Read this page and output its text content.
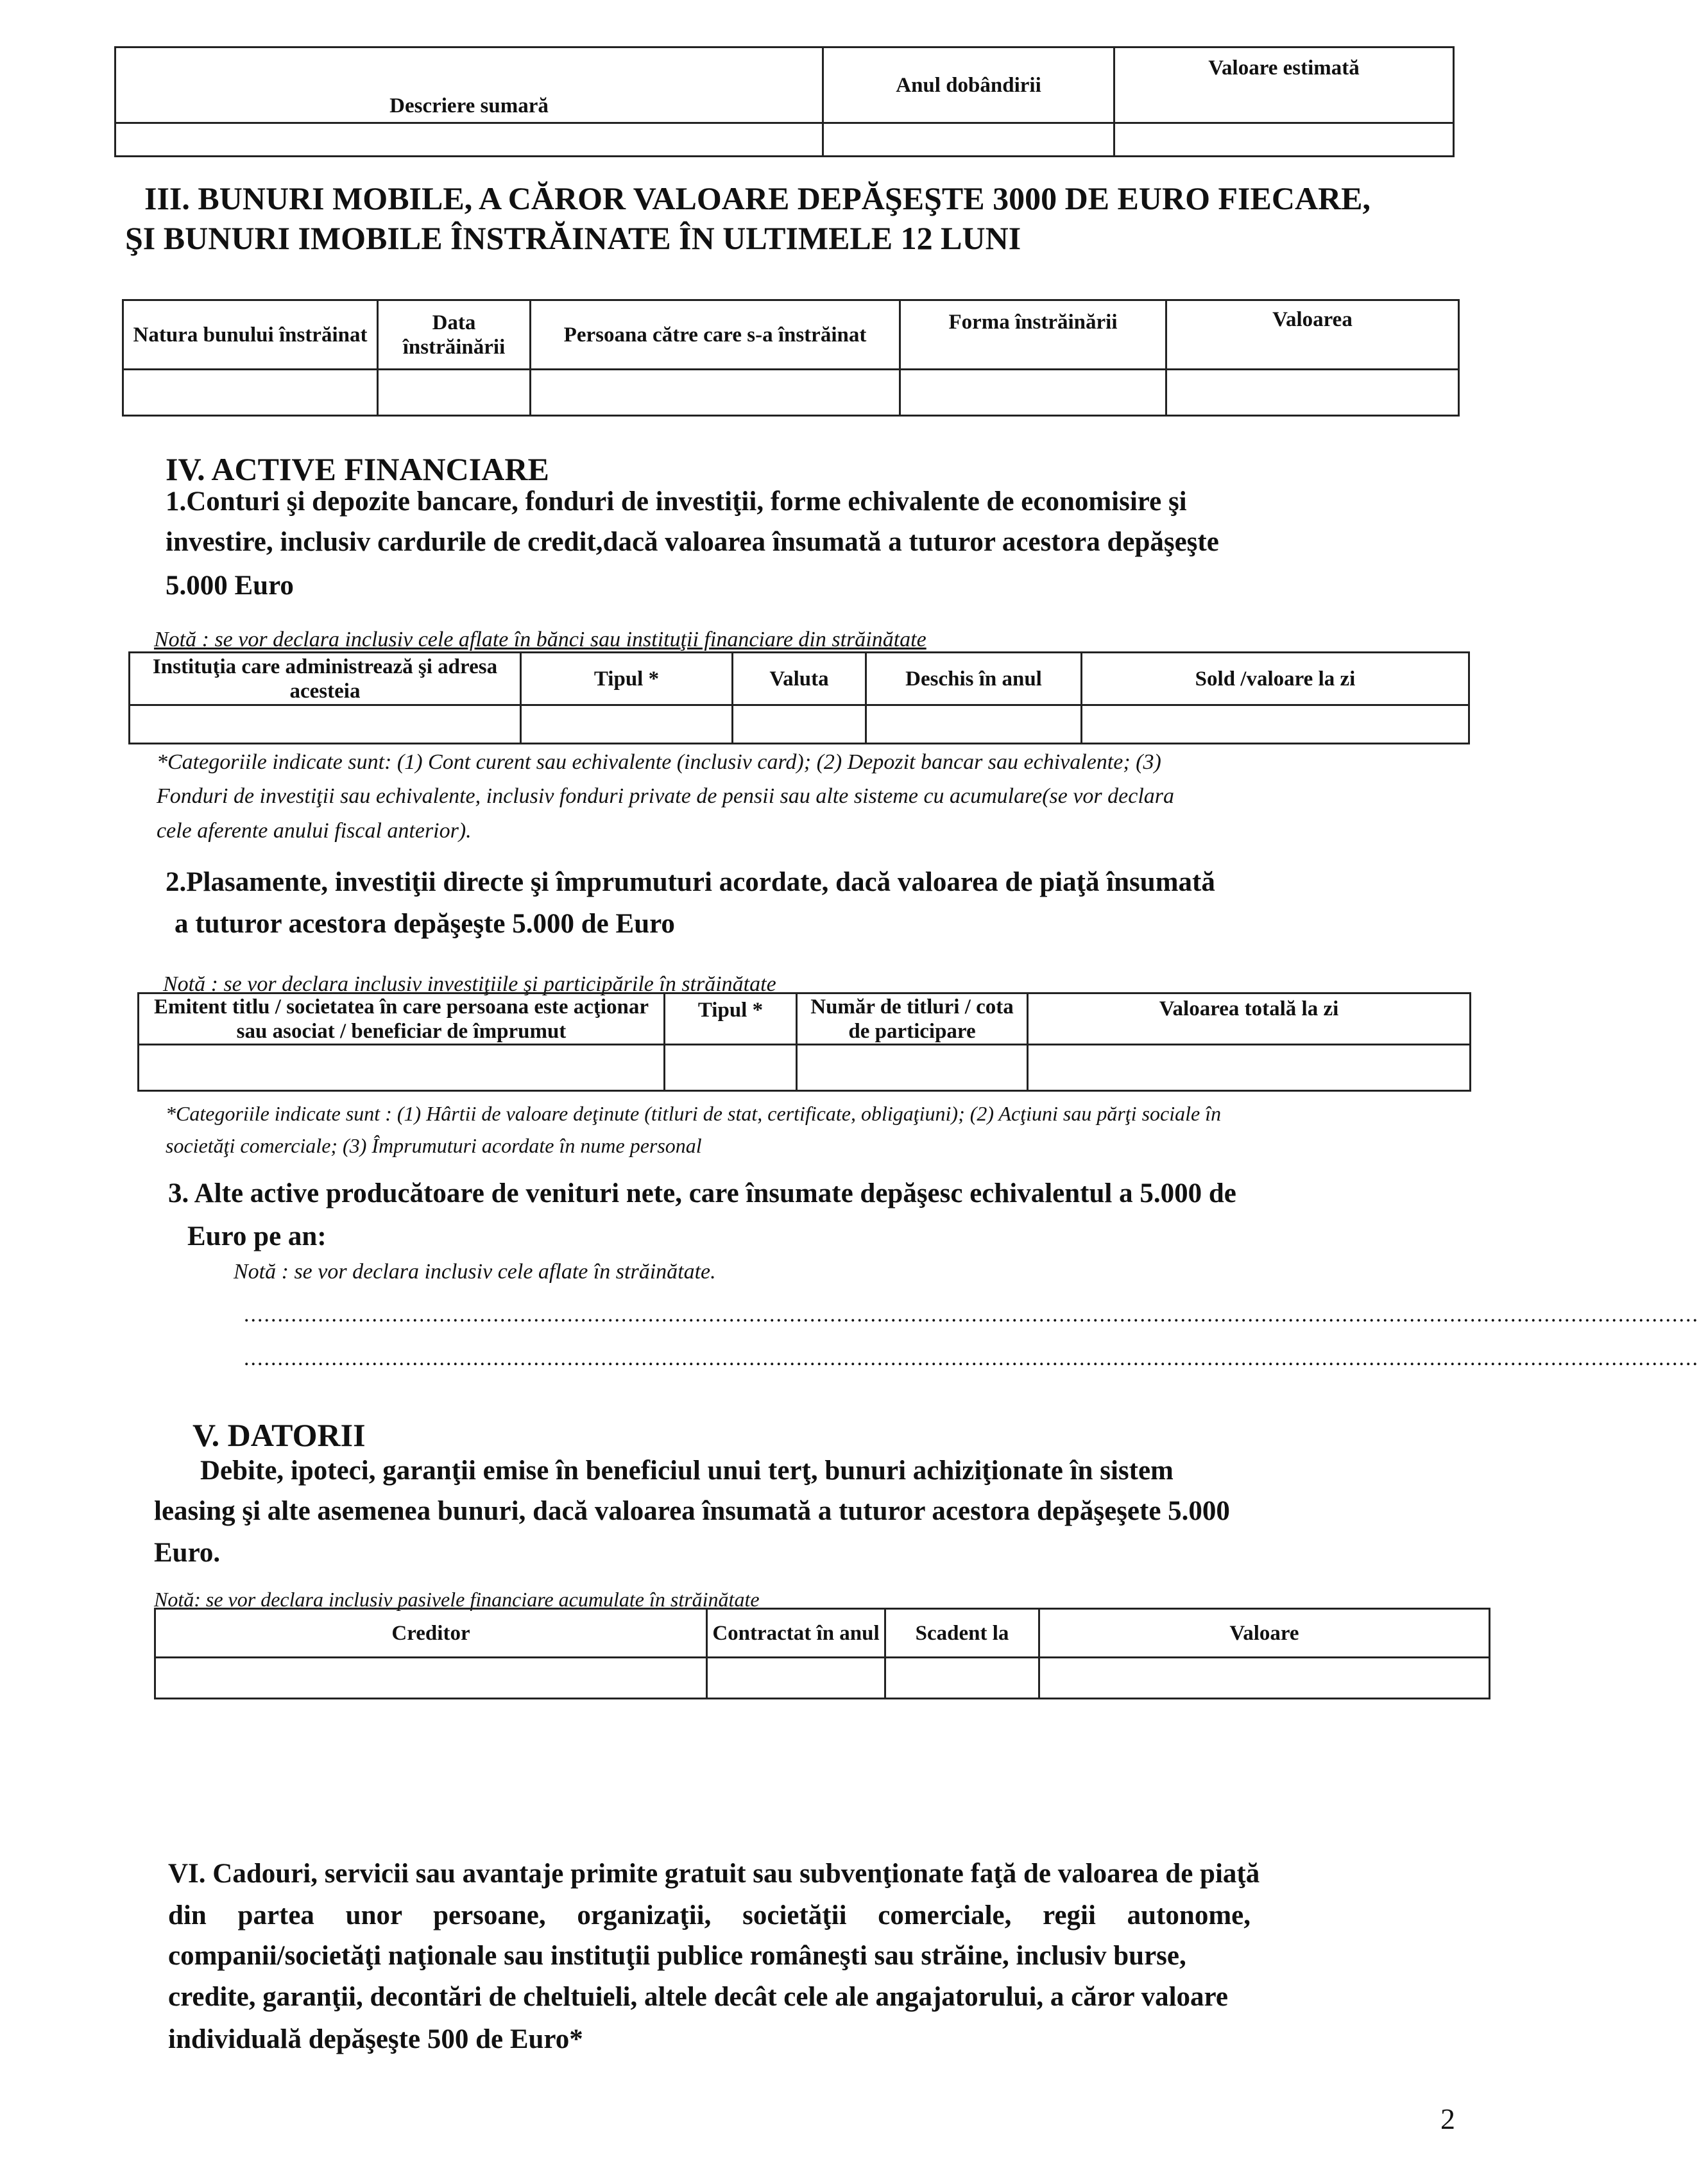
Descriere sumară	Anul dobândirii	Valoare estimată

III. BUNURI MOBILE, A CĂROR VALOARE DEPĂŞEŞTE 3000 DE EURO FIECARE,
ŞI BUNURI IMOBILE ÎNSTRĂINATE ÎN ULTIMELE 12 LUNI
Natura bunului înstrăinat	Data înstrăinării	Persoana către care s-a înstrăinat	Forma înstrăinării	Valoarea

IV. ACTIVE FINANCIARE
1.Conturi şi depozite bancare, fonduri de investiţii, forme echivalente de economisire şi
investire, inclusiv cardurile de credit,dacă valoarea însumată a tuturor acestora depăşeşte
5.000 Euro
Notă : se vor declara inclusiv cele aflate în bănci sau instituţii financiare din străinătate
Instituţia care administrează şi adresa acesteia	Tipul *	Valuta	Deschis în anul	Sold /valoare la zi

*Categoriile indicate sunt: (1) Cont curent sau echivalente (inclusiv card); (2) Depozit bancar sau echivalente; (3)
Fonduri de investiţii sau echivalente, inclusiv fonduri private de pensii sau alte sisteme cu acumulare(se vor declara
cele aferente anului fiscal anterior).
2.Plasamente, investiţii directe şi împrumuturi acordate, dacă valoarea de piaţă însumată
a tuturor acestora depăşeşte 5.000 de Euro
Notă : se vor declara inclusiv investiţiile şi participările în străinătate
Emitent titlu / societatea în care persoana este acţionar sau asociat / beneficiar de împrumut	Tipul *	Număr de titluri / cota de participare	Valoarea totală la zi

*Categoriile indicate sunt : (1) Hârtii de valoare deţinute (titluri de stat, certificate, obligaţiuni); (2) Acţiuni sau părţi sociale în
societăţi comerciale; (3) Împrumuturi acordate în nume personal
3. Alte active producătoare de venituri nete, care însumate depăşesc echivalentul a 5.000 de
Euro pe an:
Notă : se vor declara inclusiv cele aflate în străinătate.
........................................................................................................................................................................................................................
........................................................................................................................................................................................................................
V. DATORII
Debite, ipoteci, garanţii emise în beneficiul unui terţ, bunuri achiziţionate în sistem
leasing şi alte asemenea bunuri, dacă valoarea însumată a tuturor acestora depăşeşete 5.000
Euro.
Notă: se vor declara inclusiv pasivele financiare acumulate în străinătate
Creditor	Contractat în anul	Scadent la	Valoare

VI. Cadouri, servicii sau avantaje primite gratuit sau subvenţionate faţă de valoarea de piaţă
din partea unor persoane, organizaţii, societăţii comerciale, regii autonome,
companii/societăţi naţionale sau instituţii publice româneşti sau străine, inclusiv burse,
credite, garanţii, decontări de cheltuieli, altele decât cele ale angajatorului, a căror valoare
individuală depăşeşte 500 de Euro*
2
